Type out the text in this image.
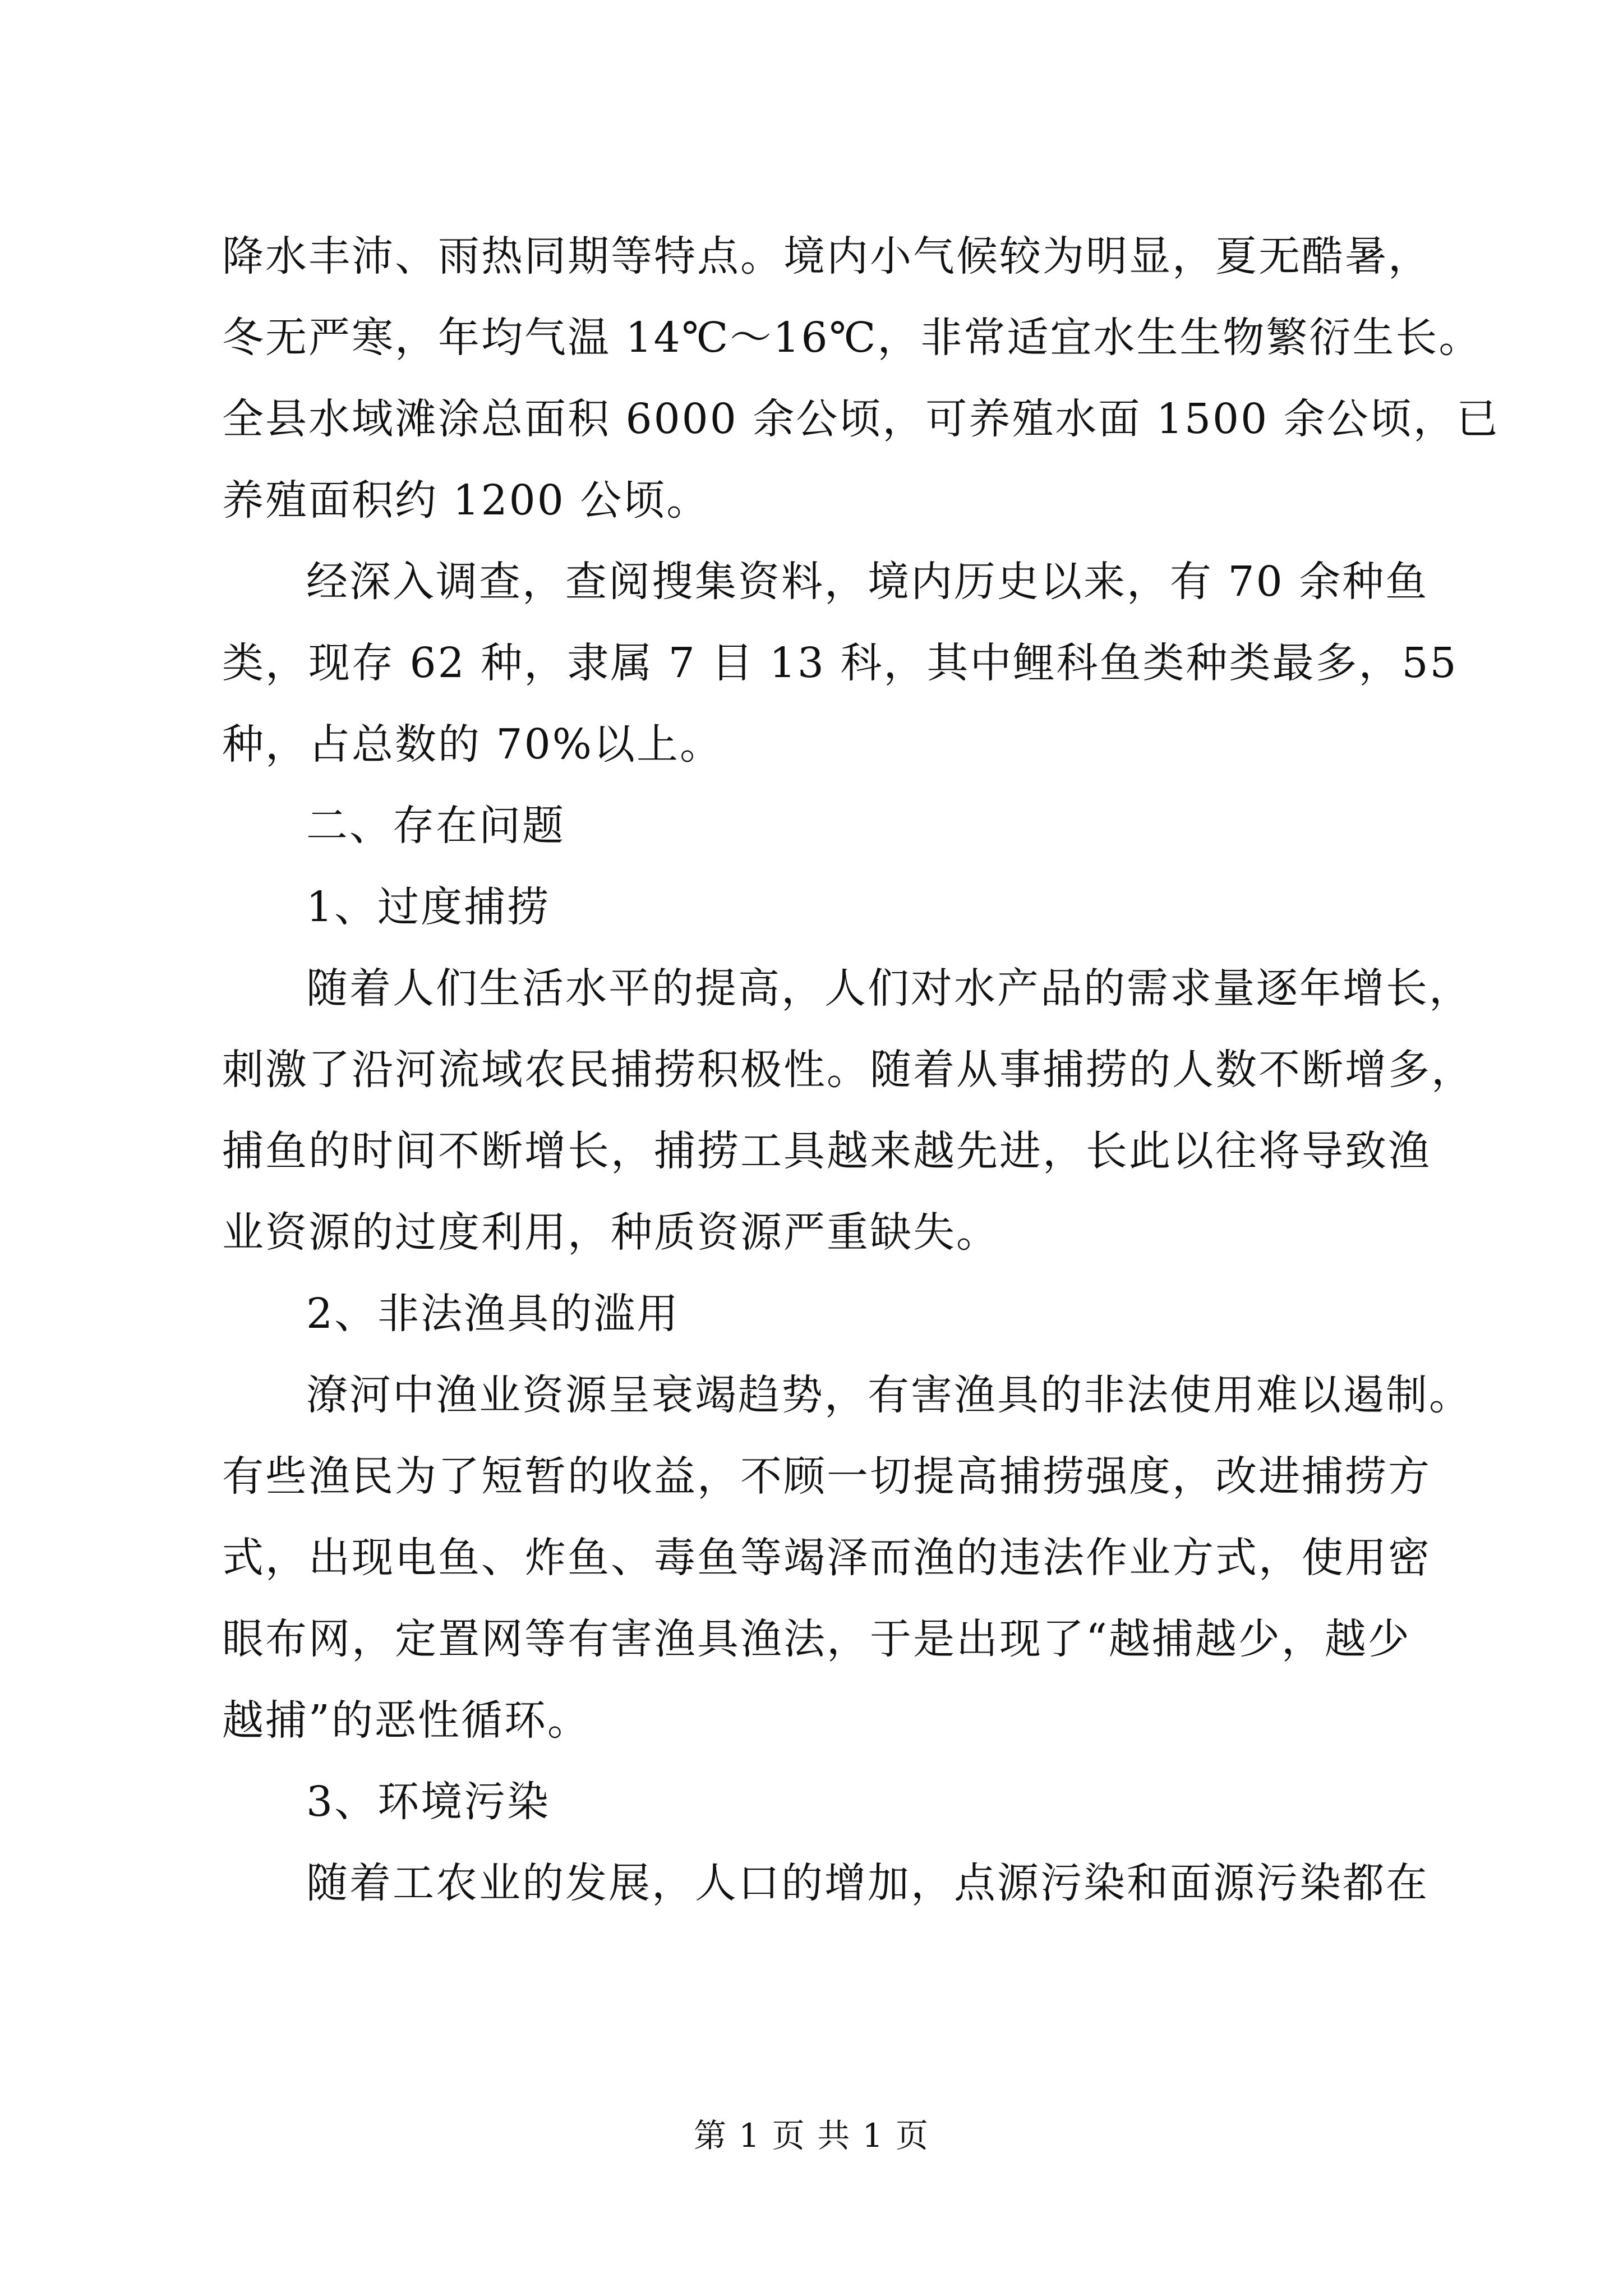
降水丰沛、雨热同期等特点。境内小气候较为明显，夏无酷暑，
冬无严寒，年均气温 14℃～16℃，非常适宜水生生物繁衍生长。
全县水域滩涂总面积 6000 余公顷，可养殖水面 1500 余公顷，已
养殖面积约 1200 公顷。
经深入调查，查阅搜集资料，境内历史以来，有 70 余种鱼
类，现存 62 种，隶属 7 目 13 科，其中鲤科鱼类种类最多，55
种，占总数的 70%以上。
二、存在问题
1、过度捕捞
随着人们生活水平的提高，人们对水产品的需求量逐年增长，
刺激了沿河流域农民捕捞积极性。随着从事捕捞的人数不断增多，
捕鱼的时间不断增长，捕捞工具越来越先进，长此以往将导致渔
业资源的过度利用，种质资源严重缺失。
2、非法渔具的滥用
潦河中渔业资源呈衰竭趋势，有害渔具的非法使用难以遏制。
有些渔民为了短暂的收益，不顾一切提高捕捞强度，改进捕捞方
式，出现电鱼、炸鱼、毒鱼等竭泽而渔的违法作业方式，使用密
眼布网，定置网等有害渔具渔法，于是出现了“越捕越少，越少
越捕”的恶性循环。
3、环境污染
随着工农业的发展，人口的增加，点源污染和面源污染都在
第 1 页 共 1 页
